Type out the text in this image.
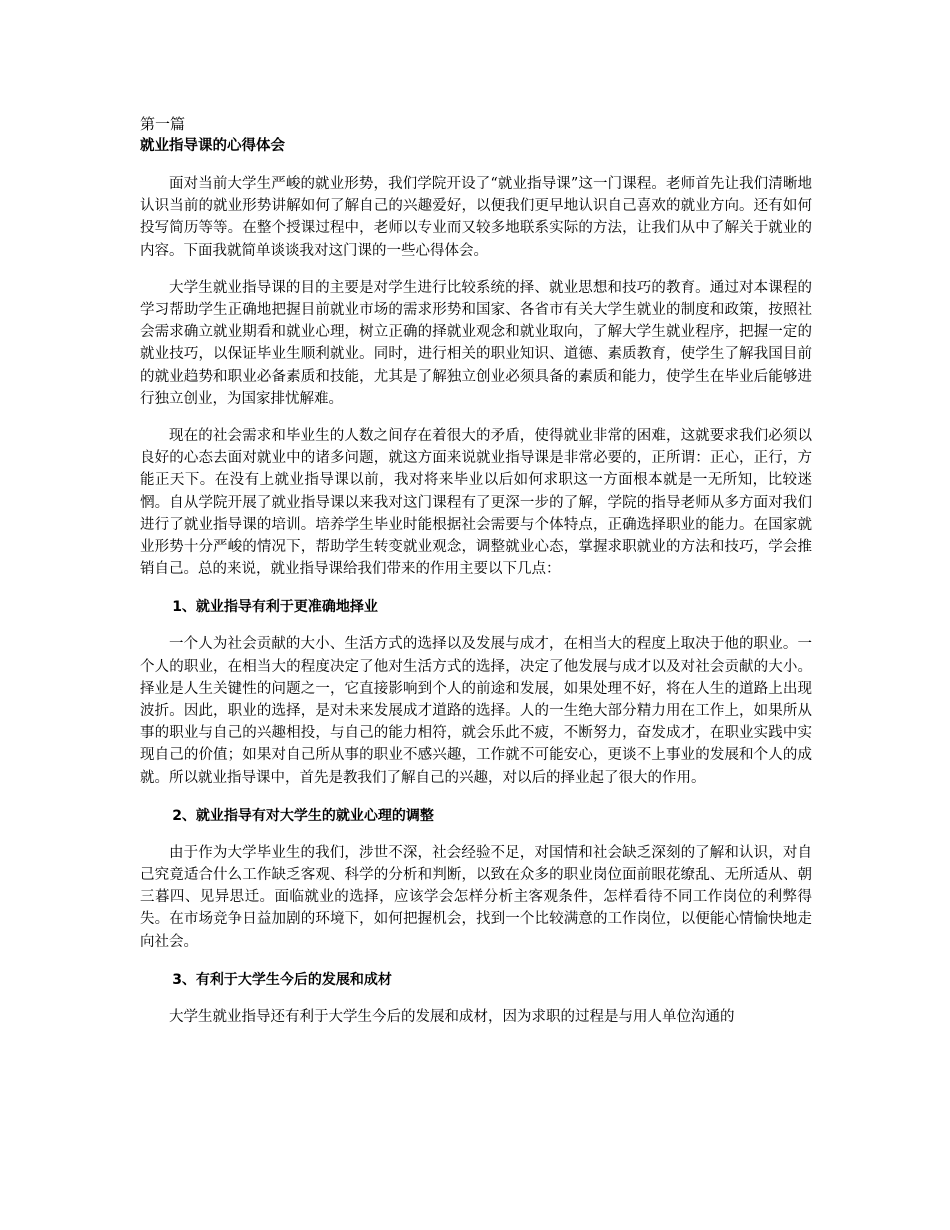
第一篇

就业指导课的心得体会

面对当前大学生严峻的就业形势，我们学院开设了“就业指导课”这一门课程。老师首先让我们清晰地认识当前的就业形势讲解如何了解自己的兴趣爱好，以便我们更早地认识自己喜欢的就业方向。还有如何投写简历等等。在整个授课过程中，老师以专业而又较多地联系实际的方法，让我们从中了解关于就业的内容。下面我就简单谈谈我对这门课的一些心得体会。

大学生就业指导课的目的主要是对学生进行比较系统的择、就业思想和技巧的教育。通过对本课程的学习帮助学生正确地把握目前就业市场的需求形势和国家、各省市有关大学生就业的制度和政策，按照社会需求确立就业期看和就业心理，树立正确的择就业观念和就业取向，了解大学生就业程序，把握一定的就业技巧，以保证毕业生顺利就业。同时，进行相关的职业知识、道德、素质教育，使学生了解我国目前的就业趋势和职业必备素质和技能，尤其是了解独立创业必须具备的素质和能力，使学生在毕业后能够进行独立创业，为国家排忧解难。

现在的社会需求和毕业生的人数之间存在着很大的矛盾，使得就业非常的困难，这就要求我们必须以良好的心态去面对就业中的诸多问题，就这方面来说就业指导课是非常必要的，正所谓：正心，正行，方能正天下。在没有上就业指导课以前，我对将来毕业以后如何求职这一方面根本就是一无所知，比较迷惘。自从学院开展了就业指导课以来我对这门课程有了更深一步的了解，学院的指导老师从多方面对我们进行了就业指导课的培训。培养学生毕业时能根据社会需要与个体特点，正确选择职业的能力。在国家就业形势十分严峻的情况下，帮助学生转变就业观念，调整就业心态，掌握求职就业的方法和技巧，学会推销自己。总的来说，就业指导课给我们带来的作用主要以下几点：

1、就业指导有利于更准确地择业

一个人为社会贡献的大小、生活方式的选择以及发展与成才，在相当大的程度上取决于他的职业。一个人的职业，在相当大的程度决定了他对生活方式的选择，决定了他发展与成才以及对社会贡献的大小。择业是人生关键性的问题之一，它直接影响到个人的前途和发展，如果处理不好，将在人生的道路上出现波折。因此，职业的选择，是对未来发展成才道路的选择。人的一生绝大部分精力用在工作上，如果所从事的职业与自己的兴趣相投，与自己的能力相符，就会乐此不疲，不断努力，奋发成才，在职业实践中实现自己的价值；如果对自己所从事的职业不感兴趣，工作就不可能安心，更谈不上事业的发展和个人的成就。所以就业指导课中，首先是教我们了解自己的兴趣，对以后的择业起了很大的作用。

2、就业指导有对大学生的就业心理的调整

由于作为大学毕业生的我们，涉世不深，社会经验不足，对国情和社会缺乏深刻的了解和认识，对自己究竟适合什么工作缺乏客观、科学的分析和判断，以致在众多的职业岗位面前眼花缭乱、无所适从、朝三暮四、见异思迁。面临就业的选择，应该学会怎样分析主客观条件，怎样看待不同工作岗位的利弊得失。在市场竞争日益加剧的环境下，如何把握机会，找到一个比较满意的工作岗位，以便能心情愉快地走向社会。

3、有利于大学生今后的发展和成材

大学生就业指导还有利于大学生今后的发展和成材，因为求职的过程是与用人单位沟通的
